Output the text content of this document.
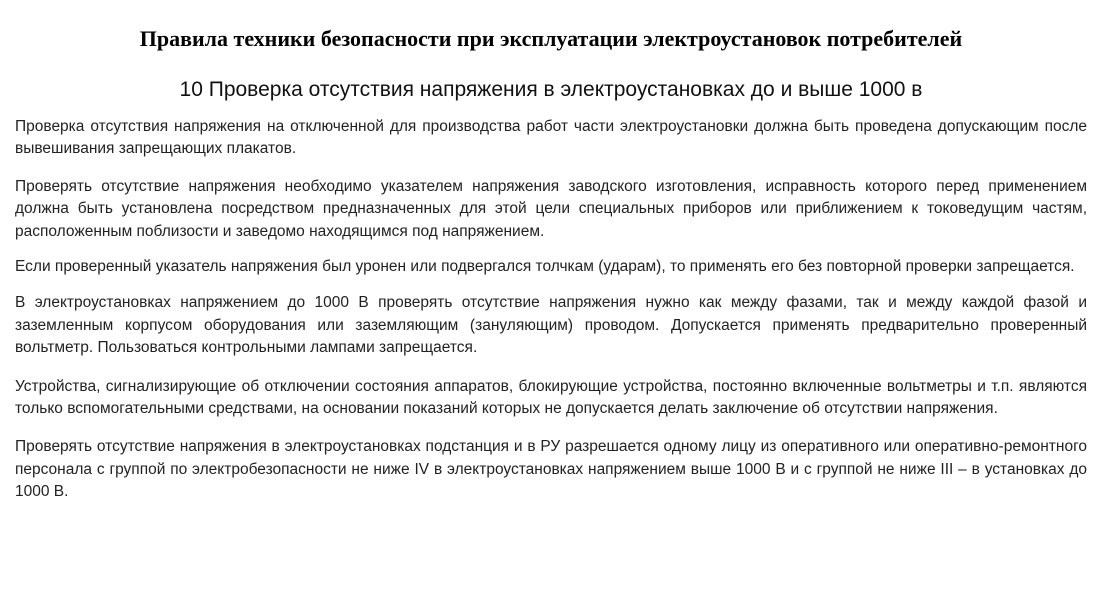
Правила техники безопасности при эксплуатации электроустановок потребителей
10 Проверка отсутствия напряжения в электроустановках до и выше 1000 в

Проверка отсутствия напряжения на отключенной для производства работ части электроустановки должна быть проведена допускающим после вывешивания запрещающих плакатов.

Проверять отсутствие напряжения необходимо указателем напряжения заводского изготовления, исправность которого перед применением должна быть установлена посредством предназначенных для этой цели специальных приборов или приближением к токоведущим частям, расположенным поблизости и заведомо находящимся под напряжением.

Если проверенный указатель напряжения был уронен или подвергался толчкам (ударам), то применять его без повторной проверки запрещается.

В электроустановках напряжением до 1000 В проверять отсутствие напряжения нужно как между фазами, так и между каждой фазой и заземленным корпусом оборудования или заземляющим (зануляющим) проводом. Допускается применять предварительно проверенный вольтметр. Пользоваться контрольными лампами запрещается.

Устройства, сигнализирующие об отключении состояния аппаратов, блокирующие устройства, постоянно включенные вольтметры и т.п. являются только вспомогательными средствами, на основании показаний которых не допускается делать заключение об отсутствии напряжения.

Проверять отсутствие напряжения в электроустановках подстанция и в РУ разрешается одному лицу из оперативного или оперативно-ремонтного персонала с группой по электробезопасности не ниже IV в электроустановках напряжением выше 1000 В и с группой не ниже III – в установках до 1000 В.
